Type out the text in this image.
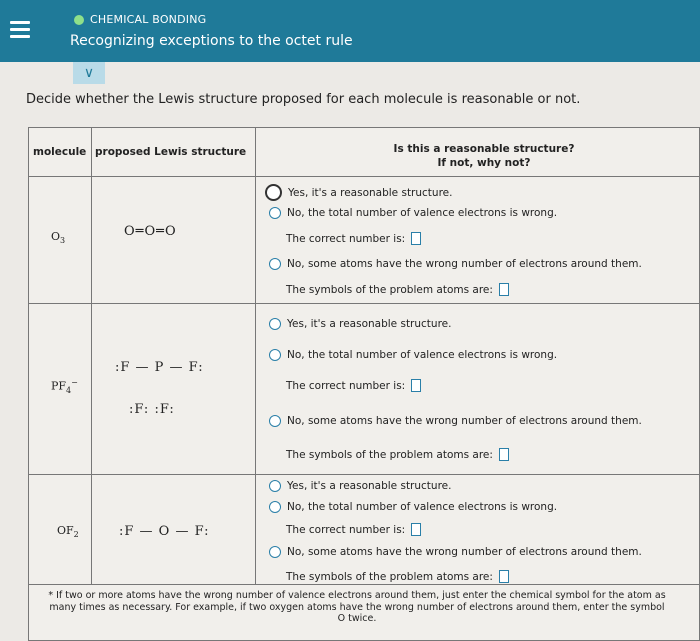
CHEMICAL BONDING
Recognizing exceptions to the octet rule
∨
Decide whether the Lewis structure proposed for each molecule is reasonable or not.
molecule proposed Lewis structure	Is this a reasonable structure?
If not, why not?
$O_3$
O═O═O
Yes, it's a reasonable structure.
No, the total number of valence electrons is wrong.
The correct number is:
No, some atoms have the wrong number of electrons around them.
The symbols of the problem atoms are:
$PF_4^-$
:F — P — F:
:F: :F:
Yes, it's a reasonable structure.
No, the total number of valence electrons is wrong.
The correct number is:
No, some atoms have the wrong number of electrons around them.
The symbols of the problem atoms are:
$OF_2$	:F — O — F:
Yes, it's a reasonable structure.
No, the total number of valence electrons is wrong.
The correct number is:
No, some atoms have the wrong number of electrons around them.
The symbols of the problem atoms are:
* If two or more atoms have the wrong number of valence electrons around them, just enter the chemical symbol for the atom as many times as necessary. For example, if two oxygen atoms have the wrong number of electrons around them, enter the symbol O twice.
